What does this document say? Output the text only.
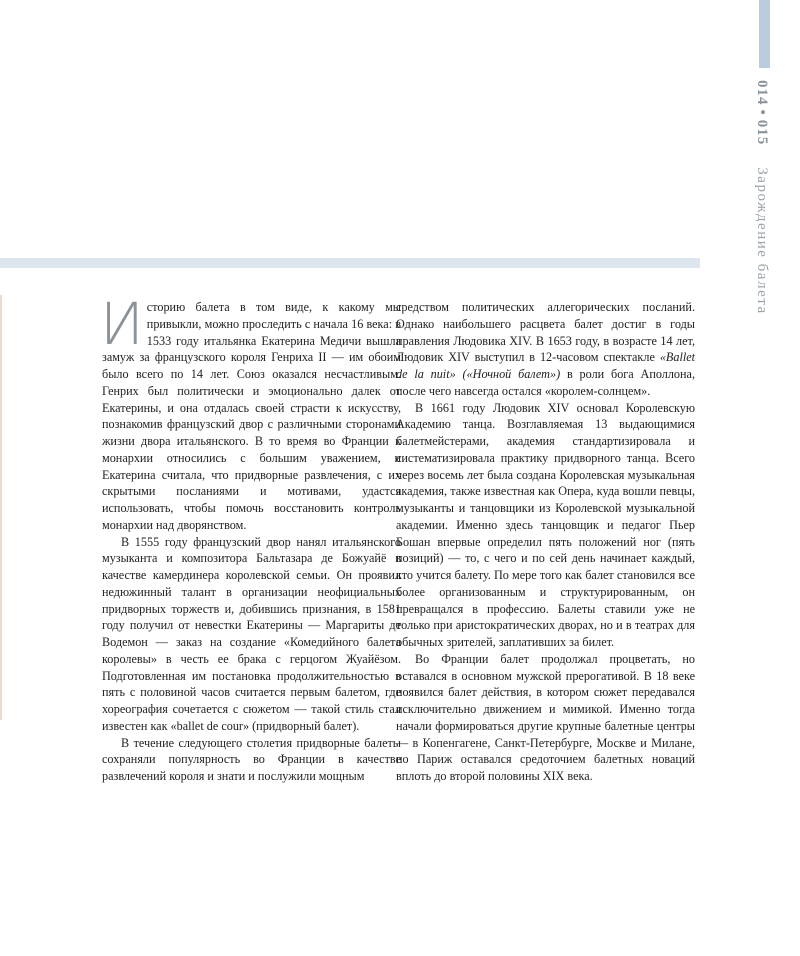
014•015Зарождение балета

Историю балета в том виде, к какому мы привыкли, можно проследить с начала 16 века: в 1533 году итальянка Екатерина Медичи вышла замуж за французского короля Генриха II — им обоим было всего по 14 лет. Союз оказался несчастливым. Генрих был политически и эмоционально далек от Екатерины, и она отдалась своей страсти к искусству, познакомив французский двор с различными сторонами жизни двора итальянского. В то время во Франции к монархии относились с большим уважением, и Екатерина считала, что придворные развлечения, с их скрытыми посланиями и мотивами, удастся использовать, чтобы помочь восстановить контроль монархии над дворянством.

В 1555 году французский двор нанял итальянского музыканта и композитора Бальтазара де Божуайё в качестве камердинера королевской семьи. Он проявил недюжинный талант в организации неофициальных придворных торжеств и, добившись признания, в 1581 году получил от невестки Екатерины — Маргариты де Водемон — заказ на создание «Комедийного балета королевы» в честь ее брака с герцогом Жуайёзом. Подготовленная им постановка продолжительностью в пять с половиной часов считается первым балетом, где хореография сочетается с сюжетом — такой стиль стал известен как «ballet de cour» (придворный балет).

В течение следующего столетия придворные балеты сохраняли популярность во Франции в качестве развлечений короля и знати и послужили мощным

средством политических аллегорических посланий. Однако наибольшего расцвета балет достиг в годы правления Людовика XIV. В 1653 году, в возрасте 14 лет, Людовик XIV выступил в 12-часовом спектакле «Ballet de la nuit» («Ночной балет») в роли бога Аполлона, после чего навсегда остался «королем-солнцем».

В 1661 году Людовик XIV основал Королевскую Академию танца. Возглавляемая 13 выдающимися балетмейстерами, академия стандартизировала и систематизировала практику придворного танца. Всего через восемь лет была создана Королевская музыкальная академия, также известная как Опера, куда вошли певцы, музыканты и танцовщики из Королевской музыкальной академии. Именно здесь танцовщик и педагог Пьер Бошан впервые определил пять положений ног (пять позиций) — то, с чего и по сей день начинает каждый, кто учится балету. По мере того как балет становился все более организованным и структурированным, он превращался в профессию. Балеты ставили уже не только при аристократических дворах, но и в театрах для обычных зрителей, заплативших за билет.

Во Франции балет продолжал процветать, но оставался в основном мужской прерогативой. В 18 веке появился балет действия, в котором сюжет передавался исключительно движением и мимикой. Именно тогда начали формироваться другие крупные балетные центры — в Копенгагене, Санкт-Петербурге, Москве и Милане, но Париж оставался средоточием балетных новаций вплоть до второй половины XIX века.
